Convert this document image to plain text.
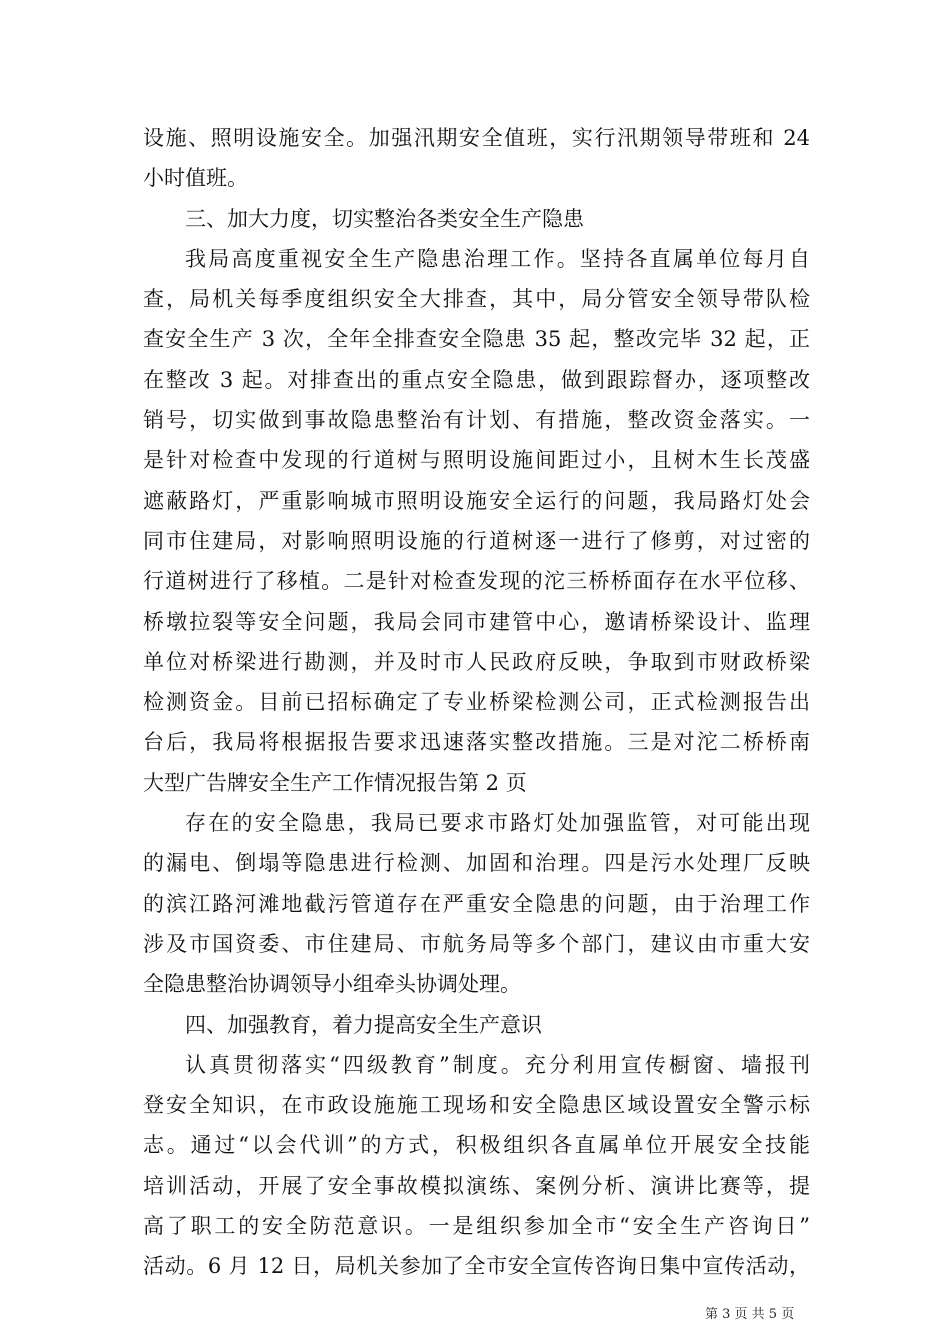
设施、照明设施安全。加强汛期安全值班，实行汛期领导带班和 24
小时值班。
三、加大力度，切实整治各类安全生产隐患
我局高度重视安全生产隐患治理工作。坚持各直属单位每月自
查，局机关每季度组织安全大排查，其中，局分管安全领导带队检
查安全生产 3 次，全年全排查安全隐患 35 起，整改完毕 32 起，正
在整改 3 起。对排查出的重点安全隐患，做到跟踪督办，逐项整改
销号，切实做到事故隐患整治有计划、有措施，整改资金落实。一
是针对检查中发现的行道树与照明设施间距过小，且树木生长茂盛
遮蔽路灯，严重影响城市照明设施安全运行的问题，我局路灯处会
同市住建局，对影响照明设施的行道树逐一进行了修剪，对过密的
行道树进行了移植。二是针对检查发现的沱三桥桥面存在水平位移、
桥墩拉裂等安全问题，我局会同市建管中心，邀请桥梁设计、监理
单位对桥梁进行勘测，并及时市人民政府反映，争取到市财政桥梁
检测资金。目前已招标确定了专业桥梁检测公司，正式检测报告出
台后，我局将根据报告要求迅速落实整改措施。三是对沱二桥桥南
大型广告牌安全生产工作情况报告第 2 页
存在的安全隐患，我局已要求市路灯处加强监管，对可能出现
的漏电、倒塌等隐患进行检测、加固和治理。四是污水处理厂反映
的滨江路河滩地截污管道存在严重安全隐患的问题，由于治理工作
涉及市国资委、市住建局、市航务局等多个部门，建议由市重大安
全隐患整治协调领导小组牵头协调处理。
四、加强教育，着力提高安全生产意识
认真贯彻落实“四级教育”制度。充分利用宣传橱窗、墙报刊
登安全知识，在市政设施施工现场和安全隐患区域设置安全警示标
志。通过“以会代训”的方式，积极组织各直属单位开展安全技能
培训活动，开展了安全事故模拟演练、案例分析、演讲比赛等，提
高了职工的安全防范意识。一是组织参加全市“安全生产咨询日”
活动。6 月 12 日，局机关参加了全市安全宣传咨询日集中宣传活动，
第 3 页 共 5 页
